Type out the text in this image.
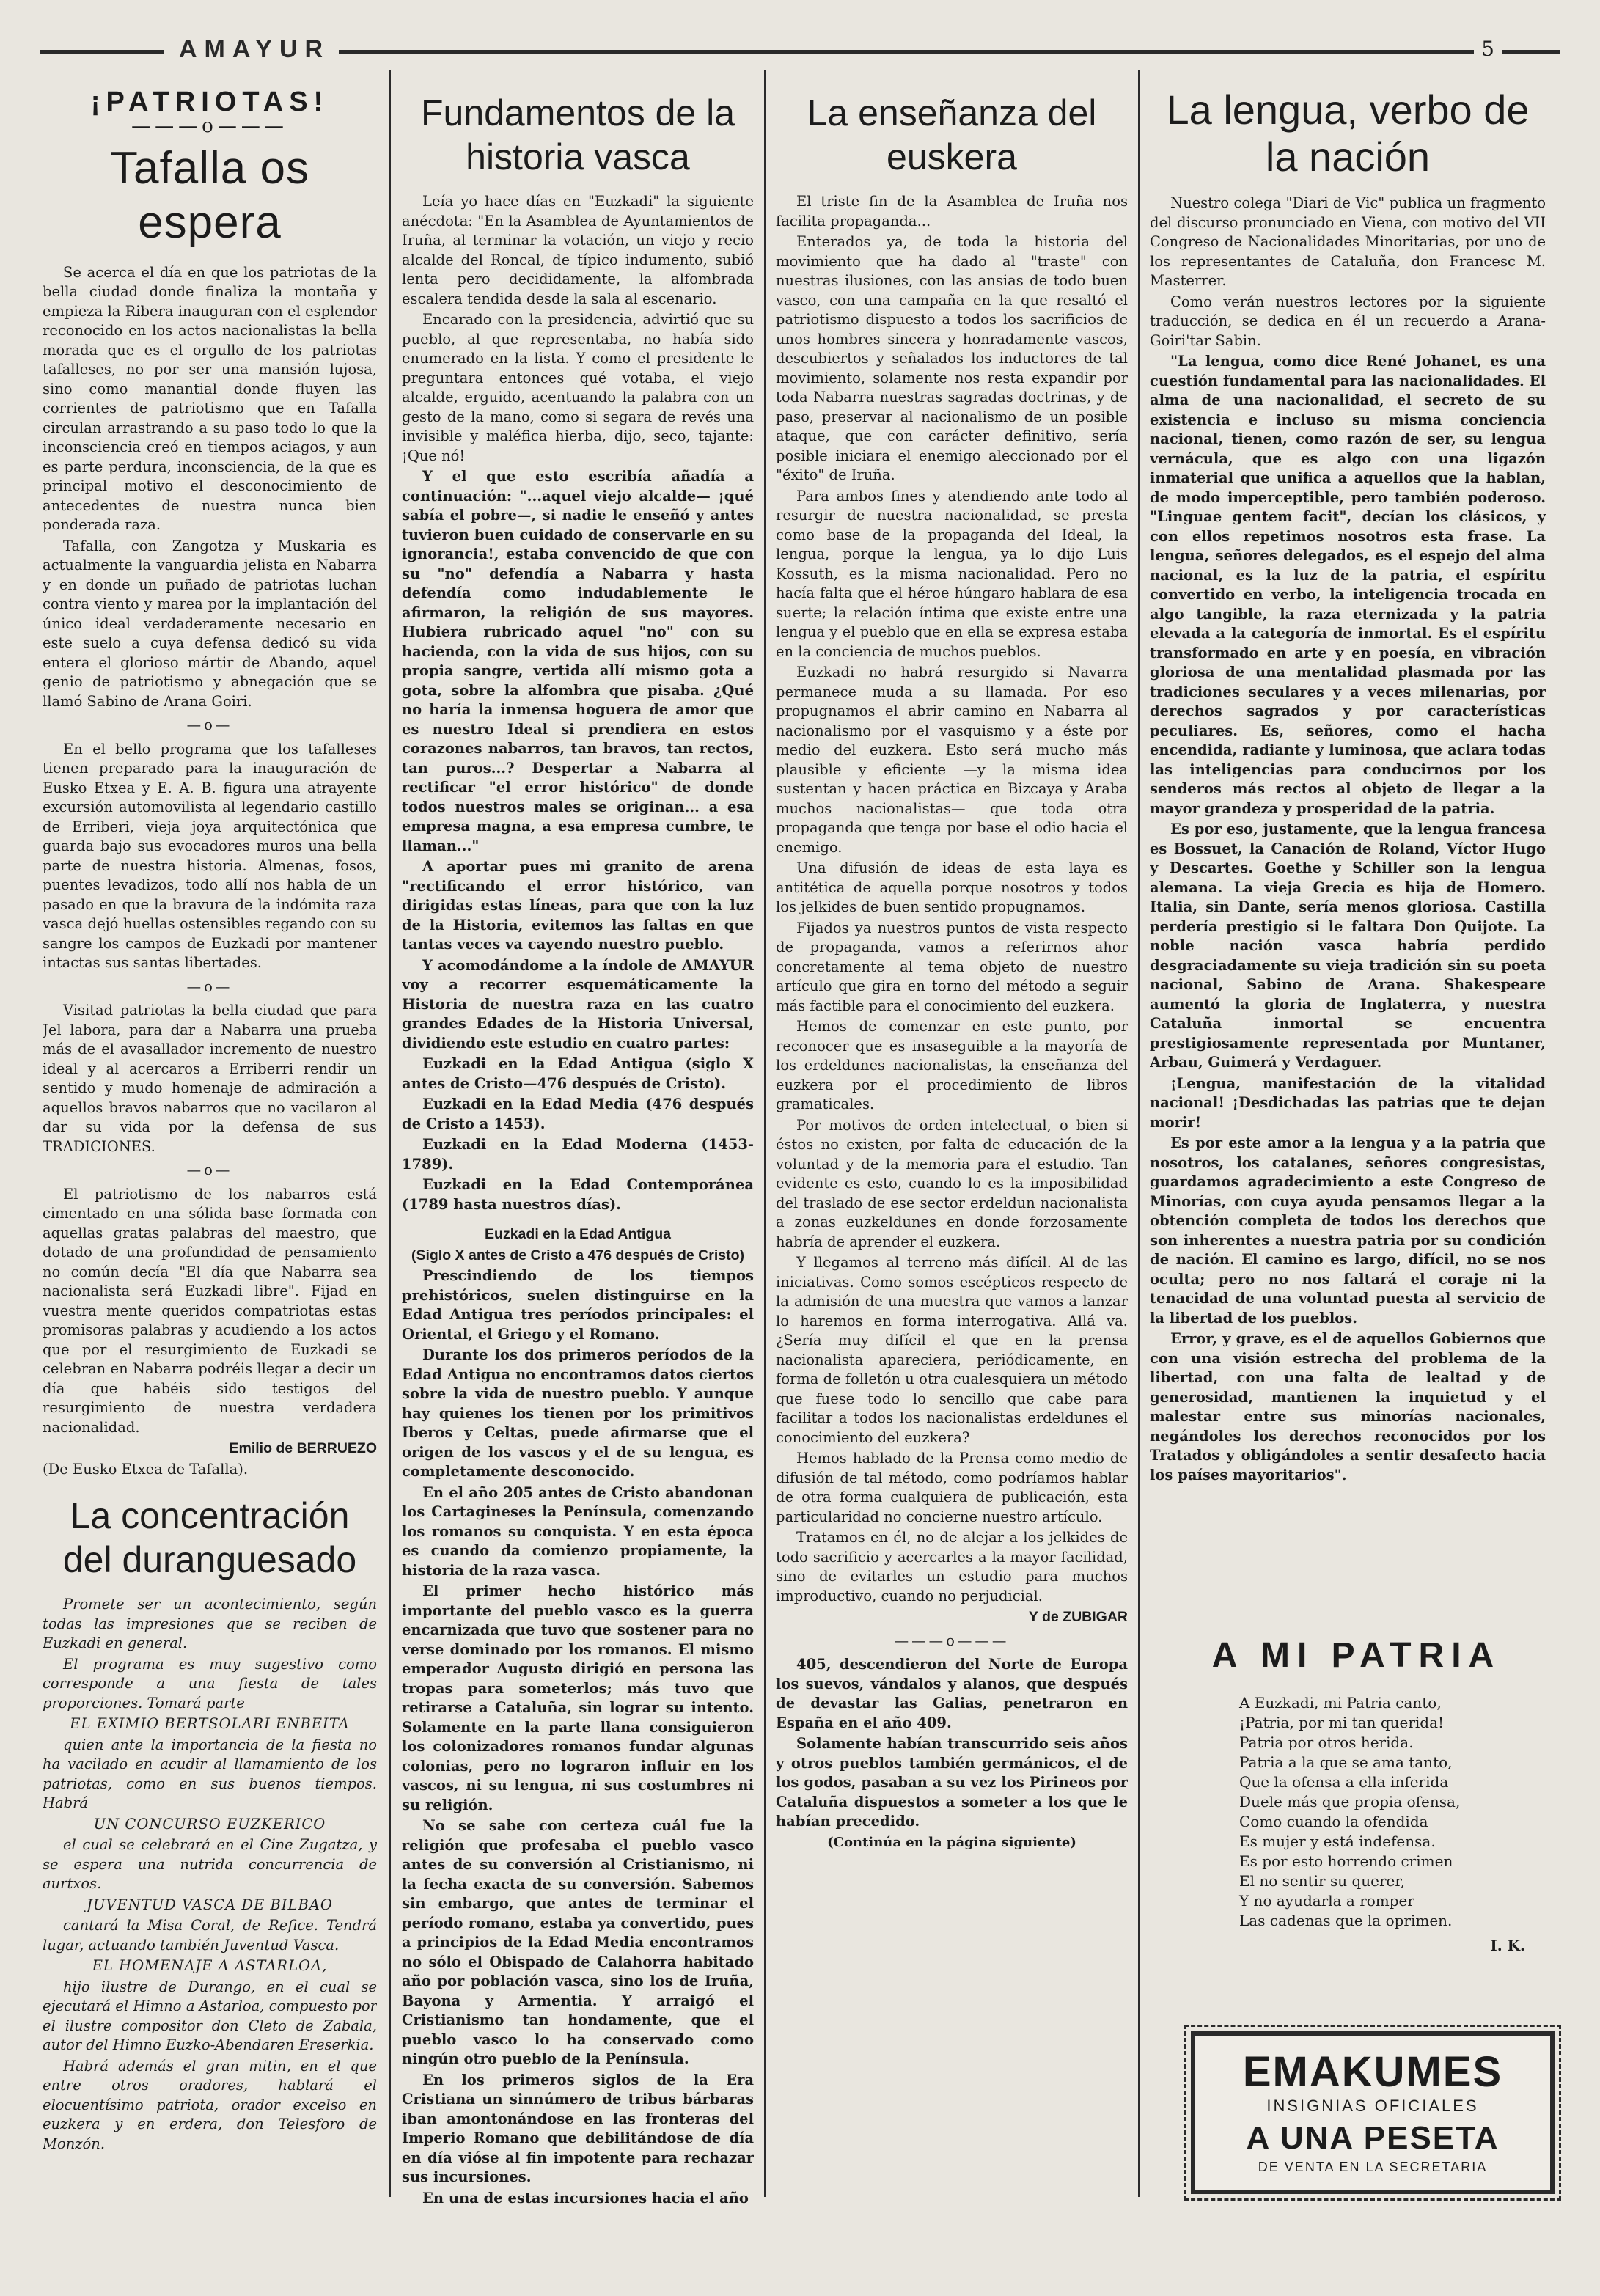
AMAYUR	5
¡PATRIOTAS!
———o———
Tafalla os espera

Se acerca el día en que los patriotas de la bella ciudad donde finaliza la montaña y empieza la Ribera inauguran con el esplendor reconocido en los actos nacionalistas la bella morada que es el orgullo de los patriotas tafalleses, no por ser una mansión lujosa, sino como manantial donde fluyen las corrientes de patriotismo que en Tafalla circulan arrastrando a su paso todo lo que la inconsciencia creó en tiempos aciagos, y aun es parte perdura, inconsciencia, de la que es principal motivo el desconocimiento de antecedentes de nuestra nunca bien ponderada raza.

Tafalla, con Zangotza y Muskaria es actualmente la vanguardia jelista en Nabarra y en donde un puñado de patriotas luchan contra viento y marea por la implantación del único ideal verdaderamente necesario en este suelo a cuya defensa dedicó su vida entera el glorioso mártir de Abando, aquel genio de patriotismo y abnegación que se llamó Sabino de Arana Goiri.

—o—

En el bello programa que los tafalleses tienen preparado para la inauguración de Eusko Etxea y E. A. B. figura una atrayente excursión automovilista al legendario castillo de Erriberi, vieja joya arquitectónica que guarda bajo sus evocadores muros una bella parte de nuestra historia. Almenas, fosos, puentes levadizos, todo allí nos habla de un pasado en que la bravura de la indómita raza vasca dejó huellas ostensibles regando con su sangre los campos de Euzkadi por mantener intactas sus santas libertades.

—o—

Visitad patriotas la bella ciudad que para Jel labora, para dar a Nabarra una prueba más de el avasallador incremento de nuestro ideal y al acercaros a Erriberri rendir un sentido y mudo homenaje de admiración a aquellos bravos nabarros que no vacilaron al dar su vida por la defensa de sus TRADICIONES.

—o—

El patriotismo de los nabarros está cimentado en una sólida base formada con aquellas gratas palabras del maestro, que dotado de una profundidad de pensamiento no común decía "El día que Nabarra sea nacionalista será Euzkadi libre". Fijad en vuestra mente queridos compatriotas estas promisoras palabras y acudiendo a los actos que por el resurgimiento de Euzkadi se celebran en Nabarra podréis llegar a decir un día que habéis sido testigos del resurgimiento de nuestra verdadera nacionalidad.

Emilio de BERRUEZO

(De Eusko Etxea de Tafalla).

La concentración del duranguesado

Promete ser un acontecimiento, según todas las impresiones que se reciben de Euzkadi en general.

El programa es muy sugestivo como corresponde a una fiesta de tales proporciones. Tomará parte

EL EXIMIO BERTSOLARI ENBEITA

quien ante la importancia de la fiesta no ha vacilado en acudir al llamamiento de los patriotas, como en sus buenos tiempos. Habrá

UN CONCURSO EUZKERICO

el cual se celebrará en el Cine Zugatza, y se espera una nutrida concurrencia de aurtxos.

JUVENTUD VASCA DE BILBAO

cantará la Misa Coral, de Refice. Tendrá lugar, actuando también Juventud Vasca.

EL HOMENAJE A ASTARLOA,

hijo ilustre de Durango, en el cual se ejecutará el Himno a Astarloa, compuesto por el ilustre compositor don Cleto de Zabala, autor del Himno Euzko-Abendaren Ereserkia.

Habrá además el gran mitin, en el que entre otros oradores, hablará el elocuentísimo patriota, orador excelso en euzkera y en erdera, don Telesforo de Monzón.

Fundamentos de la historia vasca

Leía yo hace días en "Euzkadi" la siguiente anécdota: "En la Asamblea de Ayuntamientos de Iruña, al terminar la votación, un viejo y recio alcalde del Roncal, de típico indumento, subió lenta pero decididamente, la alfombrada escalera tendida desde la sala al escenario.

Encarado con la presidencia, advirtió que su pueblo, al que representaba, no había sido enumerado en la lista. Y como el presidente le preguntara entonces qué votaba, el viejo alcalde, erguido, acentuando la palabra con un gesto de la mano, como si segara de revés una invisible y maléfica hierba, dijo, seco, tajante: ¡Que nó!

Y el que esto escribía añadía a continuación: "...aquel viejo alcalde— ¡qué sabía el pobre—, si nadie le enseñó y antes tuvieron buen cuidado de conservarle en su ignorancia!, estaba convencido de que con su "no" defendía a Nabarra y hasta defendía como indudablemente le afirmaron, la religión de sus mayores. Hubiera rubricado aquel "no" con su hacienda, con la vida de sus hijos, con su propia sangre, vertida allí mismo gota a gota, sobre la alfombra que pisaba. ¿Qué no haría la inmensa hoguera de amor que es nuestro Ideal si prendiera en estos corazones nabarros, tan bravos, tan rectos, tan puros...? Despertar a Nabarra al rectificar "el error histórico" de donde todos nuestros males se originan... a esa empresa magna, a esa empresa cumbre, te llaman..."

A aportar pues mi granito de arena "rectificando el error histórico, van dirigidas estas líneas, para que con la luz de la Historia, evitemos las faltas en que tantas veces va cayendo nuestro pueblo.

Y acomodándome a la índole de AMAYUR voy a recorrer esquemáticamente la Historia de nuestra raza en las cuatro grandes Edades de la Historia Universal, dividiendo este estudio en cuatro partes:

Euzkadi en la Edad Antigua (siglo X antes de Cristo—476 después de Cristo).

Euzkadi en la Edad Media (476 después de Cristo a 1453).

Euzkadi en la Edad Moderna (1453-1789).

Euzkadi en la Edad Contemporánea (1789 hasta nuestros días).

Euzkadi en la Edad Antigua

(Siglo X antes de Cristo a 476 después de Cristo)

Prescindiendo de los tiempos prehistóricos, suelen distinguirse en la Edad Antigua tres períodos principales: el Oriental, el Griego y el Romano.

Durante los dos primeros períodos de la Edad Antigua no encontramos datos ciertos sobre la vida de nuestro pueblo. Y aunque hay quienes los tienen por los primitivos Iberos y Celtas, puede afirmarse que el origen de los vascos y el de su lengua, es completamente desconocido.

En el año 205 antes de Cristo abandonan los Cartagineses la Península, comenzando los romanos su conquista. Y en esta época es cuando da comienzo propiamente, la historia de la raza vasca.

El primer hecho histórico más importante del pueblo vasco es la guerra encarnizada que tuvo que sostener para no verse dominado por los romanos. El mismo emperador Augusto dirigió en persona las tropas para someterlos; más tuvo que retirarse a Cataluña, sin lograr su intento. Solamente en la parte llana consiguieron los colonizadores romanos fundar algunas colonias, pero no lograron influir en los vascos, ni su lengua, ni sus costumbres ni su religión.

No se sabe con certeza cuál fue la religión que profesaba el pueblo vasco antes de su conversión al Cristianismo, ni la fecha exacta de su conversión. Sabemos sin embargo, que antes de terminar el período romano, estaba ya convertido, pues a principios de la Edad Media encontramos no sólo el Obispado de Calahorra habitado año por población vasca, sino los de Iruña, Bayona y Armentia. Y arraigó el Cristianismo tan hondamente, que el pueblo vasco lo ha conservado como ningún otro pueblo de la Península.

En los primeros siglos de la Era Cristiana un sinnúmero de tribus bárbaras iban amontonándose en las fronteras del Imperio Romano que debilitándose de día en día vióse al fin impotente para rechazar sus incursiones.

En una de estas incursiones hacia el año

La enseñanza del euskera

El triste fin de la Asamblea de Iruña nos facilita propaganda...

Enterados ya, de toda la historia del movimiento que ha dado al "traste" con nuestras ilusiones, con las ansias de todo buen vasco, con una campaña en la que resaltó el patriotismo dispuesto a todos los sacrificios de unos hombres sincera y honradamente vascos, descubiertos y señalados los inductores de tal movimiento, solamente nos resta expandir por toda Nabarra nuestras sagradas doctrinas, y de paso, preservar al nacionalismo de un posible ataque, que con carácter definitivo, sería posible iniciara el enemigo aleccionado por el "éxito" de Iruña.

Para ambos fines y atendiendo ante todo al resurgir de nuestra nacionalidad, se presta como base de la propaganda del Ideal, la lengua, porque la lengua, ya lo dijo Luis Kossuth, es la misma nacionalidad. Pero no hacía falta que el héroe húngaro hablara de esa suerte; la relación íntima que existe entre una lengua y el pueblo que en ella se expresa estaba en la conciencia de muchos pueblos.

Euzkadi no habrá resurgido si Navarra permanece muda a su llamada. Por eso propugnamos el abrir camino en Nabarra al nacionalismo por el vasquismo y a éste por medio del euzkera. Esto será mucho más plausible y eficiente —y la misma idea sustentan y hacen práctica en Bizcaya y Araba muchos nacionalistas— que toda otra propaganda que tenga por base el odio hacia el enemigo.

Una difusión de ideas de esta laya es antitética de aquella porque nosotros y todos los jelkides de buen sentido propugnamos.

Fijados ya nuestros puntos de vista respecto de propaganda, vamos a referirnos ahor concretamente al tema objeto de nuestro artículo que gira en torno del método a seguir más factible para el conocimiento del euzkera.

Hemos de comenzar en este punto, por reconocer que es insaseguible a la mayoría de los erdeldunes nacionalistas, la enseñanza del euzkera por el procedimiento de libros gramaticales.

Por motivos de orden intelectual, o bien si éstos no existen, por falta de educación de la voluntad y de la memoria para el estudio. Tan evidente es esto, cuando lo es la imposibilidad del traslado de ese sector erdeldun nacionalista a zonas euzkeldunes en donde forzosamente habría de aprender el euzkera.

Y llegamos al terreno más difícil. Al de las iniciativas. Como somos escépticos respecto de la admisión de una muestra que vamos a lanzar lo haremos en forma interrogativa. Allá va. ¿Sería muy difícil el que en la prensa nacionalista apareciera, periódicamente, en forma de folletón u otra cualesquiera un método que fuese todo lo sencillo que cabe para facilitar a todos los nacionalistas erdeldunes el conocimiento del euzkera?

Hemos hablado de la Prensa como medio de difusión de tal método, como podríamos hablar de otra forma cualquiera de publicación, esta particularidad no concierne nuestro artículo.

Tratamos en él, no de alejar a los jelkides de todo sacrificio y acercarles a la mayor facilidad, sino de evitarles un estudio para muchos improductivo, cuando no perjudicial.

Y de ZUBIGAR

———o———

405, descendieron del Norte de Europa los suevos, vándalos y alanos, que después de devastar las Galias, penetraron en España en el año 409.

Solamente habían transcurrido seis años y otros pueblos también germánicos, el de los godos, pasaban a su vez los Pirineos por Cataluña dispuestos a someter a los que le habían precedido.

(Continúa en la página siguiente)

La lengua, verbo de la nación

Nuestro colega "Diari de Vic" publica un fragmento del discurso pronunciado en Viena, con motivo del VII Congreso de Nacionalidades Minoritarias, por uno de los representantes de Cataluña, don Francesc M. Masterrer.

Como verán nuestros lectores por la siguiente traducción, se dedica en él un recuerdo a Arana-Goiri'tar Sabin.

"La lengua, como dice René Johanet, es una cuestión fundamental para las nacionalidades. El alma de una nacionalidad, el secreto de su existencia e incluso su misma conciencia nacional, tienen, como razón de ser, su lengua vernácula, que es algo con una ligazón inmaterial que unifica a aquellos que la hablan, de modo imperceptible, pero también poderoso. "Linguae gentem facit", decían los clásicos, y con ellos repetimos nosotros esta frase. La lengua, señores delegados, es el espejo del alma nacional, es la luz de la patria, el espíritu convertido en verbo, la inteligencia trocada en algo tangible, la raza eternizada y la patria elevada a la categoría de inmortal. Es el espíritu transformado en arte y en poesía, en vibración gloriosa de una mentalidad plasmada por las tradiciones seculares y a veces milenarias, por derechos sagrados y por características peculiares. Es, señores, como el hacha encendida, radiante y luminosa, que aclara todas las inteligencias para conducirnos por los senderos más rectos al objeto de llegar a la mayor grandeza y prosperidad de la patria.

Es por eso, justamente, que la lengua francesa es Bossuet, la Canación de Roland, Víctor Hugo y Descartes. Goethe y Schiller son la lengua alemana. La vieja Grecia es hija de Homero. Italia, sin Dante, sería menos gloriosa. Castilla perdería prestigio si le faltara Don Quijote. La noble nación vasca habría perdido desgraciadamente su vieja tradición sin su poeta nacional, Sabino de Arana. Shakespeare aumentó la gloria de Inglaterra, y nuestra Cataluña inmortal se encuentra prestigiosamente representada por Muntaner, Arbau, Guimerá y Verdaguer.

¡Lengua, manifestación de la vitalidad nacional! ¡Desdichadas las patrias que te dejan morir!

Es por este amor a la lengua y a la patria que nosotros, los catalanes, señores congresistas, guardamos agradecimiento a este Congreso de Minorías, con cuya ayuda pensamos llegar a la obtención completa de todos los derechos que son inherentes a nuestra patria por su condición de nación. El camino es largo, difícil, no se nos oculta; pero no nos faltará el coraje ni la tenacidad de una voluntad puesta al servicio de la libertad de los pueblos.

Error, y grave, es el de aquellos Gobiernos que con una visión estrecha del problema de la libertad, con una falta de lealtad y de generosidad, mantienen la inquietud y el malestar entre sus minorías nacionales, negándoles los derechos reconocidos por los Tratados y obligándoles a sentir desafecto hacia los países mayoritarios".

A MI PATRIA
A Euzkadi, mi Patria canto,
¡Patria, por mi tan querida!
Patria por otros herida.
Patria a la que se ama tanto,
Que la ofensa a ella inferida
Duele más que propia ofensa,
Como cuando la ofendida
Es mujer y está indefensa.
Es por esto horrendo crimen
El no sentir su querer,
Y no ayudarla a romper
Las cadenas que la oprimen.
I. K.
EMAKUMES
INSIGNIAS OFICIALES
A UNA PESETA
DE VENTA EN LA SECRETARIA
